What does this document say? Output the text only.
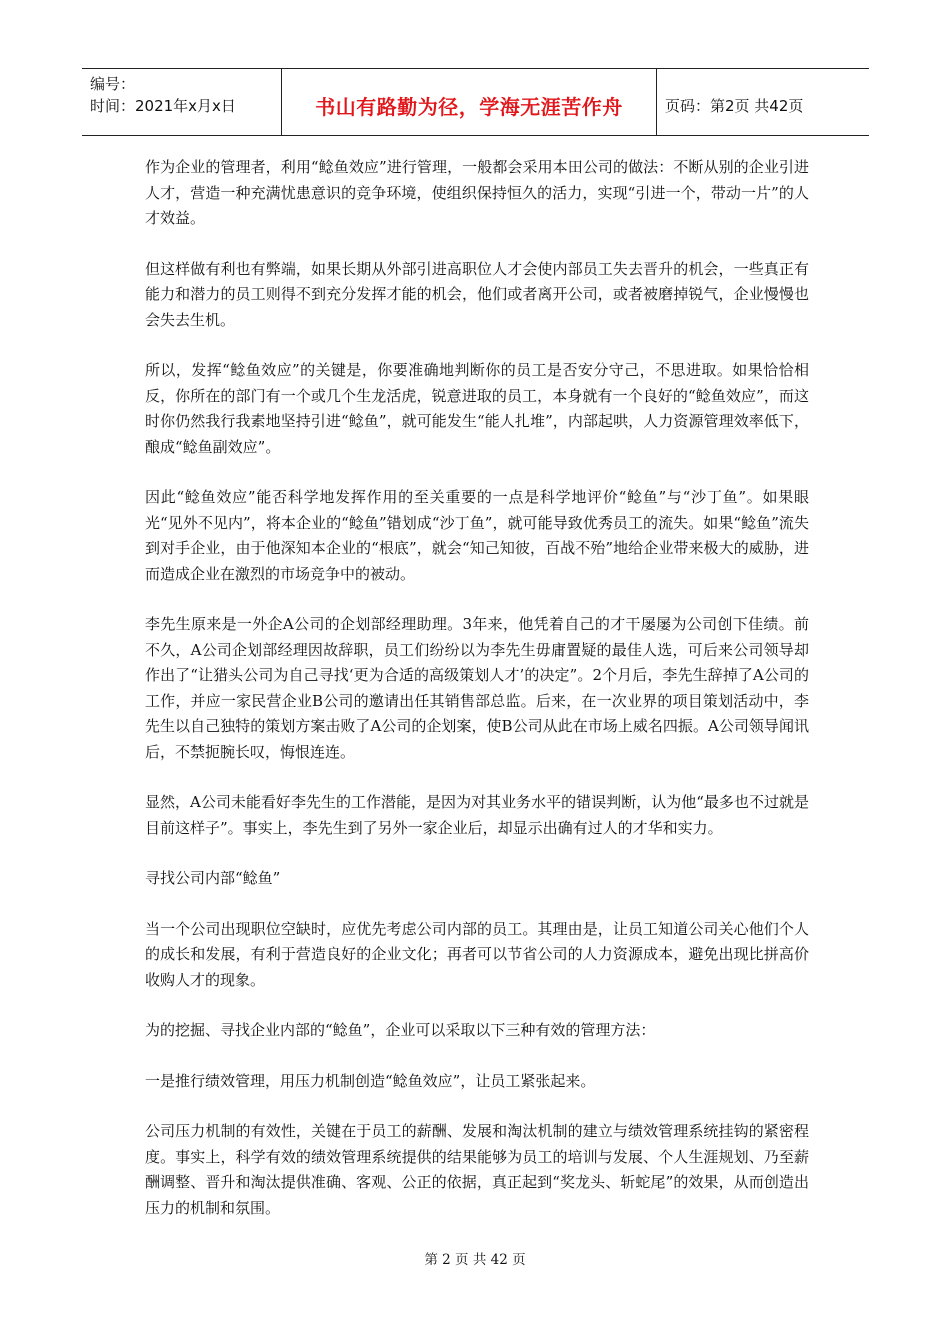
编号：
时间：2021年x月x日	书山有路勤为径，学海无涯苦作舟	页码：第2页 共42页

作为企业的管理者，利用“鲶鱼效应”进行管理，一般都会采用本田公司的做法：不断从别的企业引进人才，营造一种充满忧患意识的竞争环境，使组织保持恒久的活力，实现“引进一个，带动一片”的人才效益。

但这样做有利也有弊端，如果长期从外部引进高职位人才会使内部员工失去晋升的机会，一些真正有能力和潜力的员工则得不到充分发挥才能的机会，他们或者离开公司，或者被磨掉锐气，企业慢慢也会失去生机。

所以，发挥“鲶鱼效应”的关键是，你要准确地判断你的员工是否安分守己，不思进取。如果恰恰相反，你所在的部门有一个或几个生龙活虎，锐意进取的员工，本身就有一个良好的“鲶鱼效应”，而这时你仍然我行我素地坚持引进“鲶鱼”，就可能发生“能人扎堆”，内部起哄，人力资源管理效率低下，酿成“鲶鱼副效应”。

因此“鲶鱼效应”能否科学地发挥作用的至关重要的一点是科学地评价“鲶鱼”与“沙丁鱼”。如果眼光“见外不见内”，将本企业的“鲶鱼”错划成“沙丁鱼”，就可能导致优秀员工的流失。如果“鲶鱼”流失到对手企业，由于他深知本企业的“根底”，就会“知己知彼，百战不殆”地给企业带来极大的威胁，进而造成企业在激烈的市场竞争中的被动。

李先生原来是一外企A公司的企划部经理助理。3年来，他凭着自己的才干屡屡为公司创下佳绩。前不久，A公司企划部经理因故辞职，员工们纷纷以为李先生毋庸置疑的最佳人选，可后来公司领导却作出了“让猎头公司为自己寻找‘更为合适的高级策划人才’的决定”。2个月后，李先生辞掉了A公司的工作，并应一家民营企业B公司的邀请出任其销售部总监。后来，在一次业界的项目策划活动中，李先生以自己独特的策划方案击败了A公司的企划案，使B公司从此在市场上威名四振。A公司领导闻讯后，不禁扼腕长叹，悔恨连连。

显然，A公司未能看好李先生的工作潜能，是因为对其业务水平的错误判断，认为他“最多也不过就是目前这样子”。事实上，李先生到了另外一家企业后，却显示出确有过人的才华和实力。

寻找公司内部“鲶鱼”

当一个公司出现职位空缺时，应优先考虑公司内部的员工。其理由是，让员工知道公司关心他们个人的成长和发展，有利于营造良好的企业文化；再者可以节省公司的人力资源成本，避免出现比拼高价收购人才的现象。

为的挖掘、寻找企业内部的“鲶鱼”，企业可以采取以下三种有效的管理方法：

一是推行绩效管理，用压力机制创造“鲶鱼效应”，让员工紧张起来。

公司压力机制的有效性，关键在于员工的薪酬、发展和淘汰机制的建立与绩效管理系统挂钩的紧密程度。事实上，科学有效的绩效管理系统提供的结果能够为员工的培训与发展、个人生涯规划、乃至薪酬调整、晋升和淘汰提供准确、客观、公正的依据，真正起到“奖龙头、斩蛇尾”的效果，从而创造出压力的机制和氛围。

第 2 页 共 42 页
